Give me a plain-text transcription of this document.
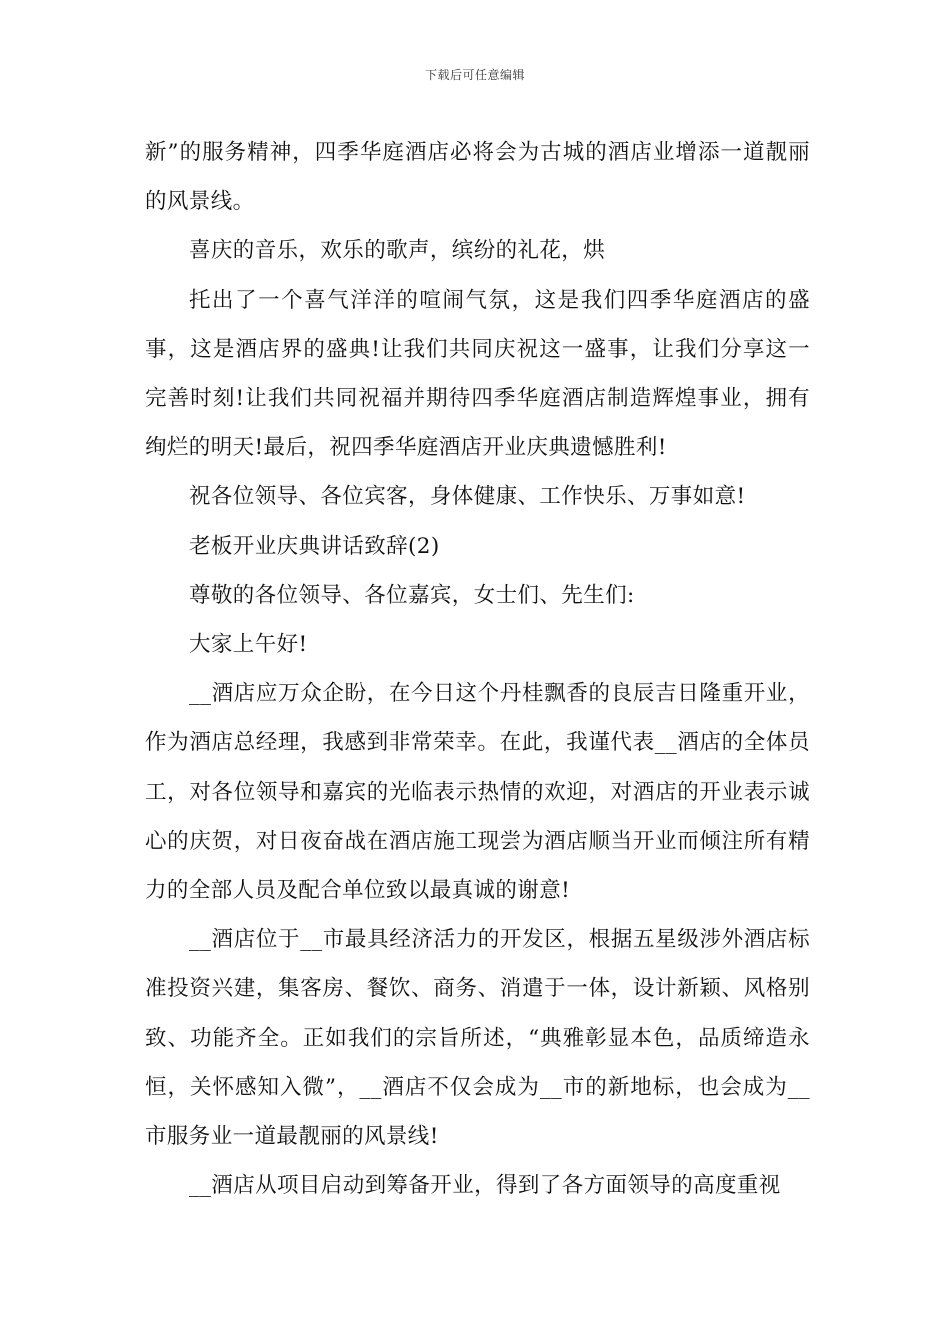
下载后可任意编辑

新”的服务精神，四季华庭酒店必将会为古城的酒店业增添一道靓丽的风景线。

喜庆的音乐，欢乐的歌声，缤纷的礼花，烘

托出了一个喜气洋洋的喧闹气氛，这是我们四季华庭酒店的盛事，这是酒店界的盛典!让我们共同庆祝这一盛事，让我们分享这一完善时刻!让我们共同祝福并期待四季华庭酒店制造辉煌事业，拥有绚烂的明天!最后，祝四季华庭酒店开业庆典遗憾胜利!

祝各位领导、各位宾客，身体健康、工作快乐、万事如意!

老板开业庆典讲话致辞(2)

尊敬的各位领导、各位嘉宾，女士们、先生们:

大家上午好!

__酒店应万众企盼，在今日这个丹桂飘香的良辰吉日隆重开业，作为酒店总经理，我感到非常荣幸。在此，我谨代表__酒店的全体员工，对各位领导和嘉宾的光临表示热情的欢迎，对酒店的开业表示诚心的庆贺，对日夜奋战在酒店施工现尝为酒店顺当开业而倾注所有精力的全部人员及配合单位致以最真诚的谢意!

__酒店位于__市最具经济活力的开发区，根据五星级涉外酒店标准投资兴建，集客房、餐饮、商务、消遣于一体，设计新颖、风格别致、功能齐全。正如我们的宗旨所述，“典雅彰显本色，品质缔造永恒，关怀感知入微”，__酒店不仅会成为__市的新地标，也会成为__市服务业一道最靓丽的风景线!

__酒店从项目启动到筹备开业，得到了各方面领导的高度重视
